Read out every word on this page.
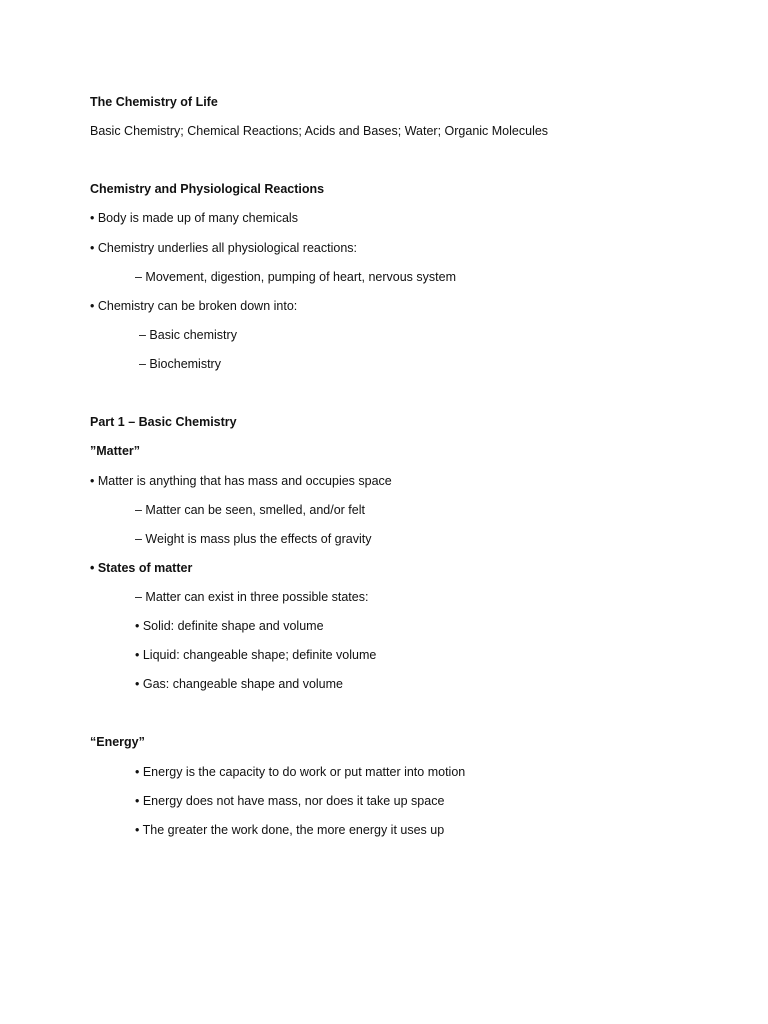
The Chemistry of Life
Basic Chemistry; Chemical Reactions; Acids and Bases; Water; Organic Molecules
Chemistry and Physiological Reactions
• Body is made up of many chemicals
• Chemistry underlies all physiological reactions:
– Movement, digestion, pumping of heart, nervous system
• Chemistry can be broken down into:
– Basic chemistry
– Biochemistry
Part 1 – Basic Chemistry
”Matter”
• Matter is anything that has mass and occupies space
– Matter can be seen, smelled, and/or felt
– Weight is mass plus the effects of gravity
• States of matter
– Matter can exist in three possible states:
• Solid: definite shape and volume
• Liquid: changeable shape; definite volume
• Gas: changeable shape and volume
“Energy”
• Energy is the capacity to do work or put matter into motion
• Energy does not have mass, nor does it take up space
• The greater the work done, the more energy it uses up
